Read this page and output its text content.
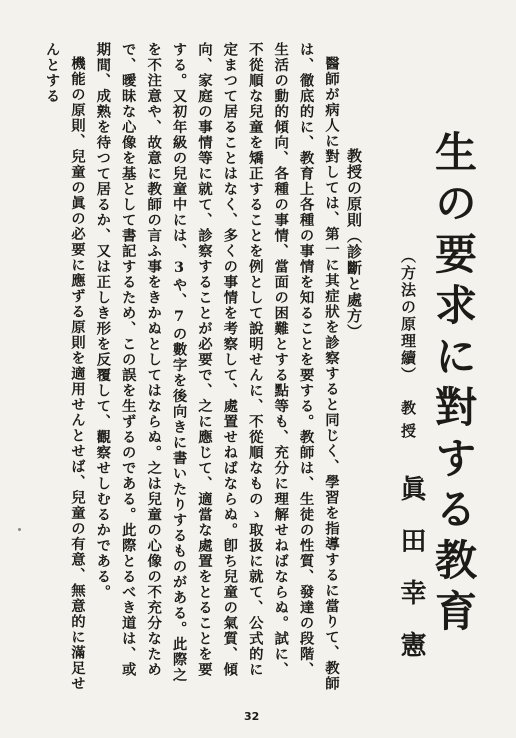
生の要求に對する教育
（方法の原理續）
教授
眞田幸憲
教授の原則（診斷と處方）

醫師が病人に對しては、第一に其症狀を診察すると同じく、學習を指導するに當りて、教師は、徹底的に、教育上各種の事情を知ることを要する。教師は、生徒の性質、發達の段階、生活の動的傾向、各種の事情、當面の困難とする點等も、充分に理解せねばならぬ。試に、不從順な兒童を矯正することを例として說明せんに、不從順なものゝ取扱に就て、公式的に定まつて居ることはなく、多くの事情を考察して、處置せねばならぬ。卽ち兒童の氣質、傾向、家庭の事情等に就て、診察することが必要で、之に應じて、適當な處置をとることを要する。又初年級の兒童中には、3や、7の數字を後向きに書いたりするものがある。此際之を不注意や、故意に教師の言ふ事をきかぬとしてはならぬ。之は兒童の心像の不充分なためで、曖昧な心像を基として書記するため、この誤を生ずるのである。此際とるべき道は、或期間、成熟を待つて居るか、又は正しき形を反覆して、觀察せしむるかである。

機能の原則、兒童の眞の必要に應ずる原則を適用せんとせば、兒童の有意、無意的に滿足せんとする

32
